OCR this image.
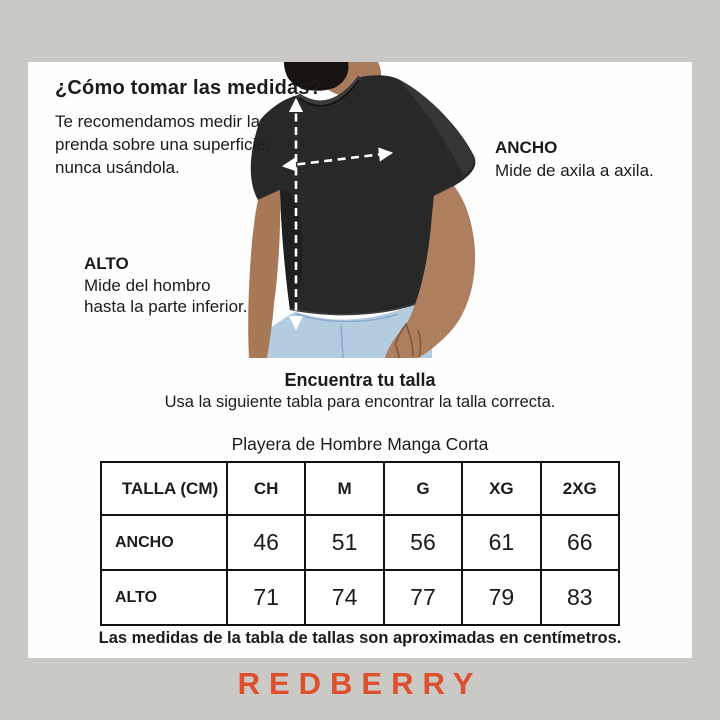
¿Cómo tomar las medidas?
Te recomendamos medir la
prenda sobre una superficie,
nunca usándola.
ANCHO
Mide de axila a axila.
ALTO
Mide del hombro
hasta la parte inferior.
Encuentra tu talla
Usa la siguiente tabla para encontrar la talla correcta.
Playera de Hombre Manga Corta
TALLA (CM)	CH	M	G	XG	2XG
ANCHO	46	51	56	61	66
ALTO	71	74	77	79	83
Las medidas de la tabla de tallas son aproximadas en centímetros.
REDBERRY
